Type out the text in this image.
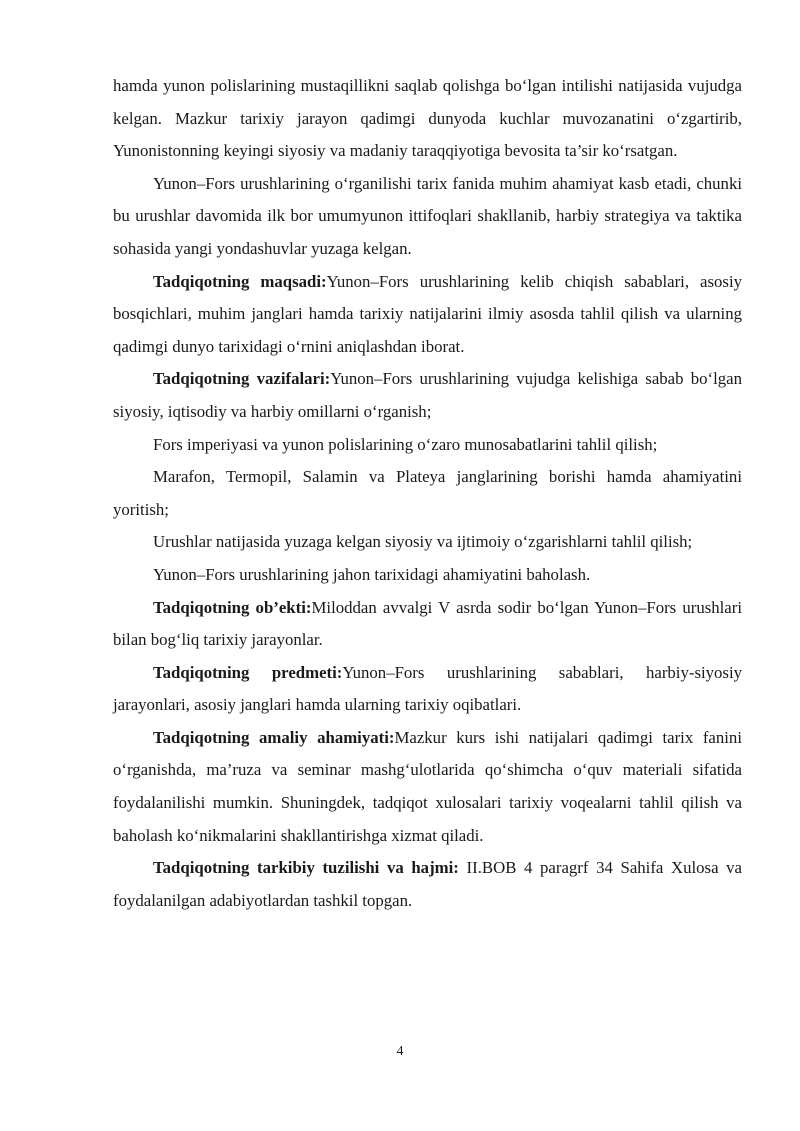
hamda yunon polislarining mustaqillikni saqlab qolishga bo‘lgan intilishi natijasida vujudga kelgan. Mazkur tarixiy jarayon qadimgi dunyoda kuchlar muvozanatini o‘zgartirib, Yunonistonning keyingi siyosiy va madaniy taraqqiyotiga bevosita ta’sir ko‘rsatgan.

Yunon–Fors urushlarining o‘rganilishi tarix fanida muhim ahamiyat kasb etadi, chunki bu urushlar davomida ilk bor umumyunon ittifoqlari shakllanib, harbiy strategiya va taktika sohasida yangi yondashuvlar yuzaga kelgan.

Tadqiqotning maqsadi:Yunon–Fors urushlarining kelib chiqish sabablari, asosiy bosqichlari, muhim janglari hamda tarixiy natijalarini ilmiy asosda tahlil qilish va ularning qadimgi dunyo tarixidagi o‘rnini aniqlashdan iborat.

Tadqiqotning vazifalari:Yunon–Fors urushlarining vujudga kelishiga sabab bo‘lgan siyosiy, iqtisodiy va harbiy omillarni o‘rganish;

Fors imperiyasi va yunon polislarining o‘zaro munosabatlarini tahlil qilish;

Marafon, Termopil, Salamin va Plateya janglarining borishi hamda ahamiyatini yoritish;

Urushlar natijasida yuzaga kelgan siyosiy va ijtimoiy o‘zgarishlarni tahlil qilish;

Yunon–Fors urushlarining jahon tarixidagi ahamiyatini baholash.

Tadqiqotning ob’ekti:Miloddan avvalgi V asrda sodir bo‘lgan Yunon–Fors urushlari bilan bog‘liq tarixiy jarayonlar.

Tadqiqotning predmeti:Yunon–Fors urushlarining sabablari, harbiy-siyosiy jarayonlari, asosiy janglari hamda ularning tarixiy oqibatlari.

Tadqiqotning amaliy ahamiyati:Mazkur kurs ishi natijalari qadimgi tarix fanini o‘rganishda, ma’ruza va seminar mashg‘ulotlarida qo‘shimcha o‘quv materiali sifatida foydalanilishi mumkin. Shuningdek, tadqiqot xulosalari tarixiy voqealarni tahlil qilish va baholash ko‘nikmalarini shakllantirishga xizmat qiladi.

Tadqiqotning tarkibiy tuzilishi va hajmi: II.BOB 4 paragrf 34 Sahifa Xulosa va foydalanilgan adabiyotlardan tashkil topgan.

4
